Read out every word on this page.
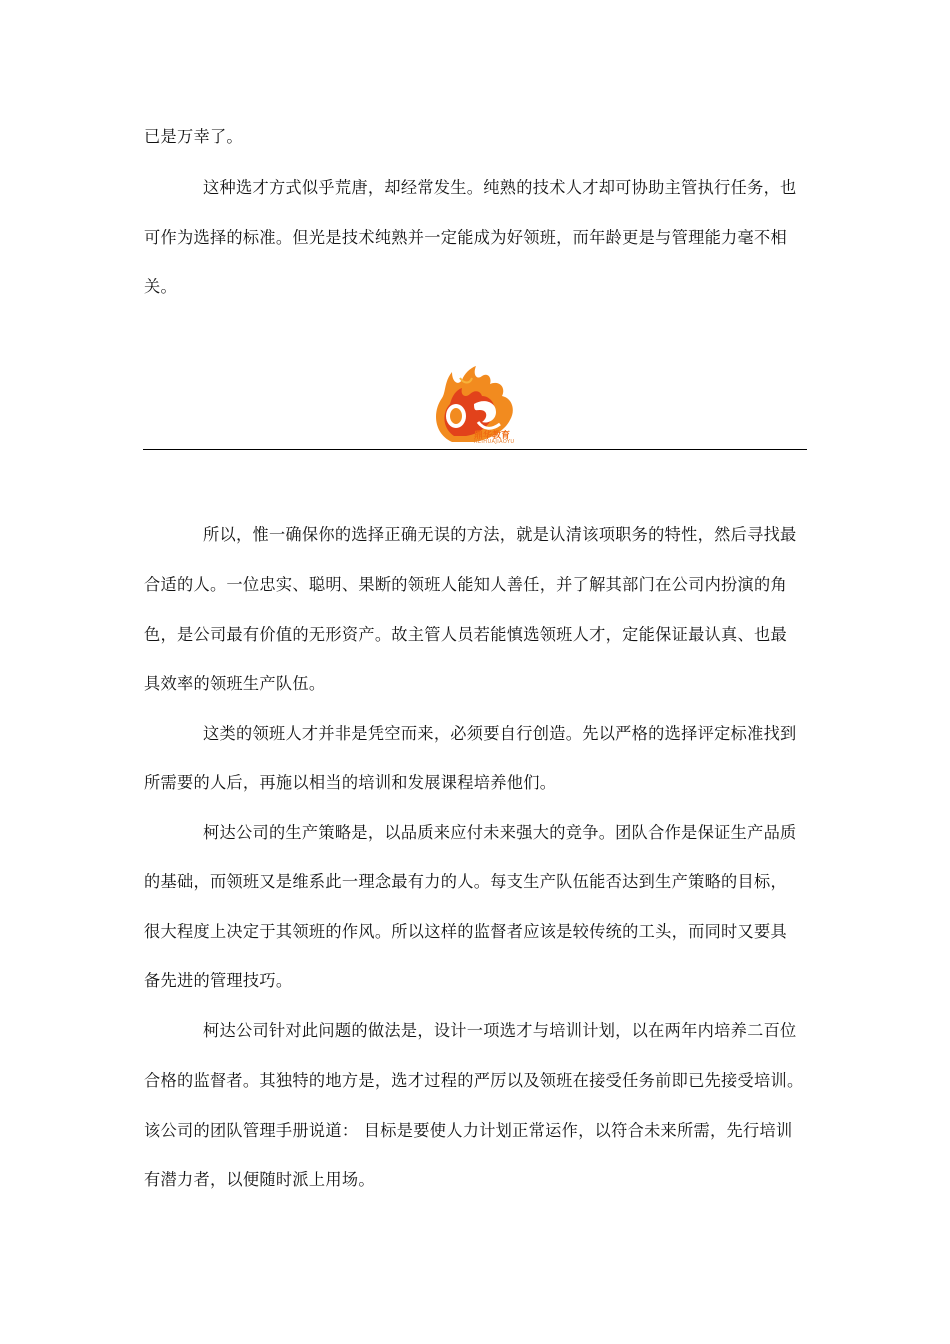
已是万幸了。
这种选才方式似乎荒唐，却经常发生。纯熟的技术人才却可协助主管执行任务，也
可作为选择的标准。但光是技术纯熟并一定能成为好领班，而年龄更是与管理能力毫不相
关。
鼎华教育
REIHUAJIAOYU
所以，惟一确保你的选择正确无误的方法，就是认清该项职务的特性，然后寻找最
合适的人。一位忠实、聪明、果断的领班人能知人善任，并了解其部门在公司内扮演的角
色，是公司最有价值的无形资产。故主管人员若能慎选领班人才，定能保证最认真、也最
具效率的领班生产队伍。
这类的领班人才并非是凭空而来，必须要自行创造。先以严格的选择评定标准找到
所需要的人后，再施以相当的培训和发展课程培养他们。
柯达公司的生产策略是，以品质来应付未来强大的竞争。团队合作是保证生产品质
的基础，而领班又是维系此一理念最有力的人。每支生产队伍能否达到生产策略的目标，
很大程度上决定于其领班的作风。所以这样的监督者应该是较传统的工头，而同时又要具
备先进的管理技巧。
柯达公司针对此问题的做法是，设计一项选才与培训计划，以在两年内培养二百位
合格的监督者。其独特的地方是，选才过程的严厉以及领班在接受任务前即已先接受培训。
该公司的团队管理手册说道： 目标是要使人力计划正常运作，以符合未来所需，先行培训
有潜力者，以便随时派上用场。
